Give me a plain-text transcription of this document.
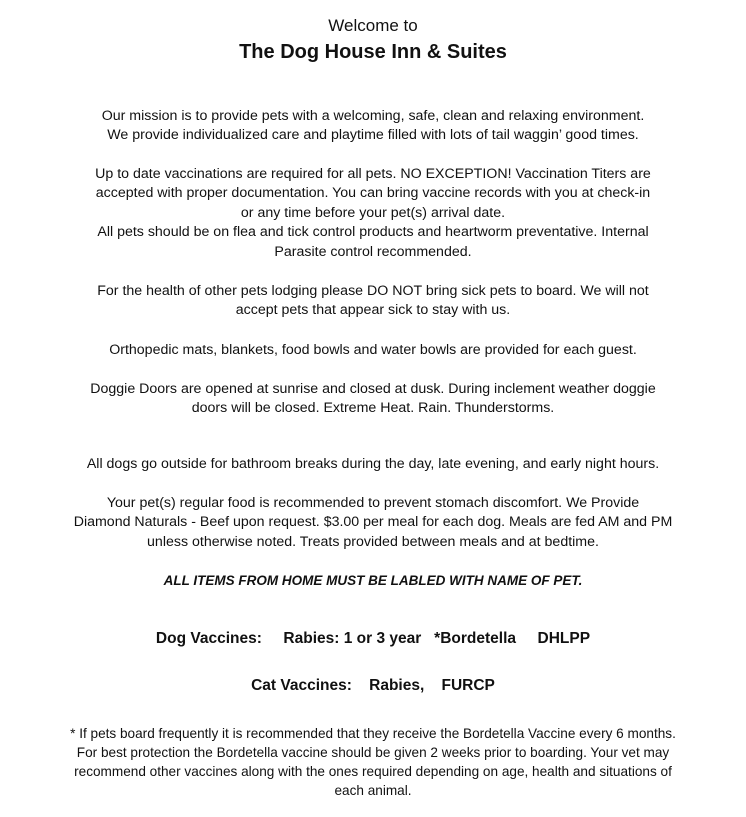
Welcome to
The Dog House Inn & Suites
Our mission is to provide pets with a welcoming, safe, clean and relaxing environment.
We provide individualized care and playtime filled with lots of tail waggin’ good times.
Up to date vaccinations are required for all pets. NO EXCEPTION! Vaccination Titers are
accepted with proper documentation. You can bring vaccine records with you at check-in
or any time before your pet(s) arrival date.
All pets should be on flea and tick control products and heartworm preventative. Internal
Parasite control recommended.
For the health of other pets lodging please DO NOT bring sick pets to board. We will not
accept pets that appear sick to stay with us.
Orthopedic mats, blankets, food bowls and water bowls are provided for each guest.
Doggie Doors are opened at sunrise and closed at dusk. During inclement weather doggie
doors will be closed. Extreme Heat. Rain. Thunderstorms.
All dogs go outside for bathroom breaks during the day, late evening, and early night hours.
Your pet(s) regular food is recommended to prevent stomach discomfort. We Provide
Diamond Naturals - Beef upon request. $3.00 per meal for each dog. Meals are fed AM and PM
unless otherwise noted. Treats provided between meals and at bedtime.
ALL ITEMS FROM HOME MUST BE LABLED WITH NAME OF PET.
Dog Vaccines:     Rabies: 1 or 3 year   *Bordetella     DHLPP
Cat Vaccines:    Rabies,    FURCP
* If pets board frequently it is recommended that they receive the Bordetella Vaccine every 6 months.
For best protection the Bordetella vaccine should be given 2 weeks prior to boarding. Your vet may
recommend other vaccines along with the ones required depending on age, health and situations of
each animal.
